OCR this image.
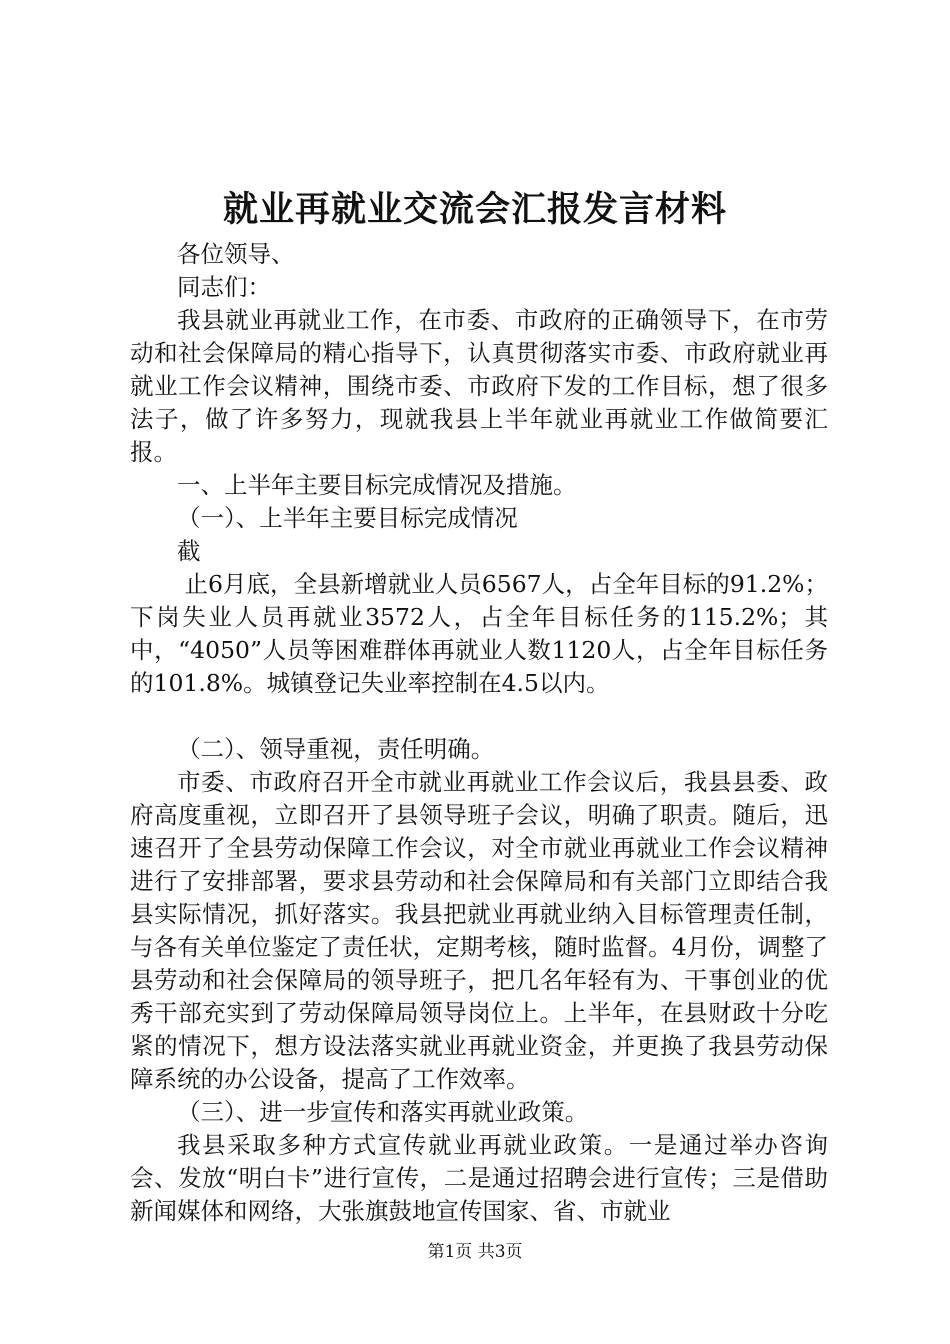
就业再就业交流会汇报发言材料

各位领导、

同志们：

我县就业再就业工作，在市委、市政府的正确领导下，在市劳动和社会保障局的精心指导下，认真贯彻落实市委、市政府就业再就业工作会议精神，围绕市委、市政府下发的工作目标，想了很多法子，做了许多努力，现就我县上半年就业再就业工作做简要汇报。

一、上半年主要目标完成情况及措施。

（一）、上半年主要目标完成情况

截

止6月底，全县新增就业人员6567人，占全年目标的91.2%；下岗失业人员再就业3572人，占全年目标任务的115.2%；其中，“4050”人员等困难群体再就业人数1120人，占全年目标任务的101.8%。城镇登记失业率控制在4.5以内。

（二）、领导重视，责任明确。

市委、市政府召开全市就业再就业工作会议后，我县县委、政府高度重视，立即召开了县领导班子会议，明确了职责。随后，迅速召开了全县劳动保障工作会议，对全市就业再就业工作会议精神进行了安排部署，要求县劳动和社会保障局和有关部门立即结合我县实际情况，抓好落实。我县把就业再就业纳入目标管理责任制，与各有关单位鉴定了责任状，定期考核，随时监督。4月份，调整了县劳动和社会保障局的领导班子，把几名年轻有为、干事创业的优秀干部充实到了劳动保障局领导岗位上。上半年，在县财政十分吃紧的情况下，想方设法落实就业再就业资金，并更换了我县劳动保障系统的办公设备，提高了工作效率。

（三）、进一步宣传和落实再就业政策。

我县采取多种方式宣传就业再就业政策。一是通过举办咨询会、发放“明白卡”进行宣传，二是通过招聘会进行宣传；三是借助新闻媒体和网络，大张旗鼓地宣传国家、省、市就业

第1页 共3页
